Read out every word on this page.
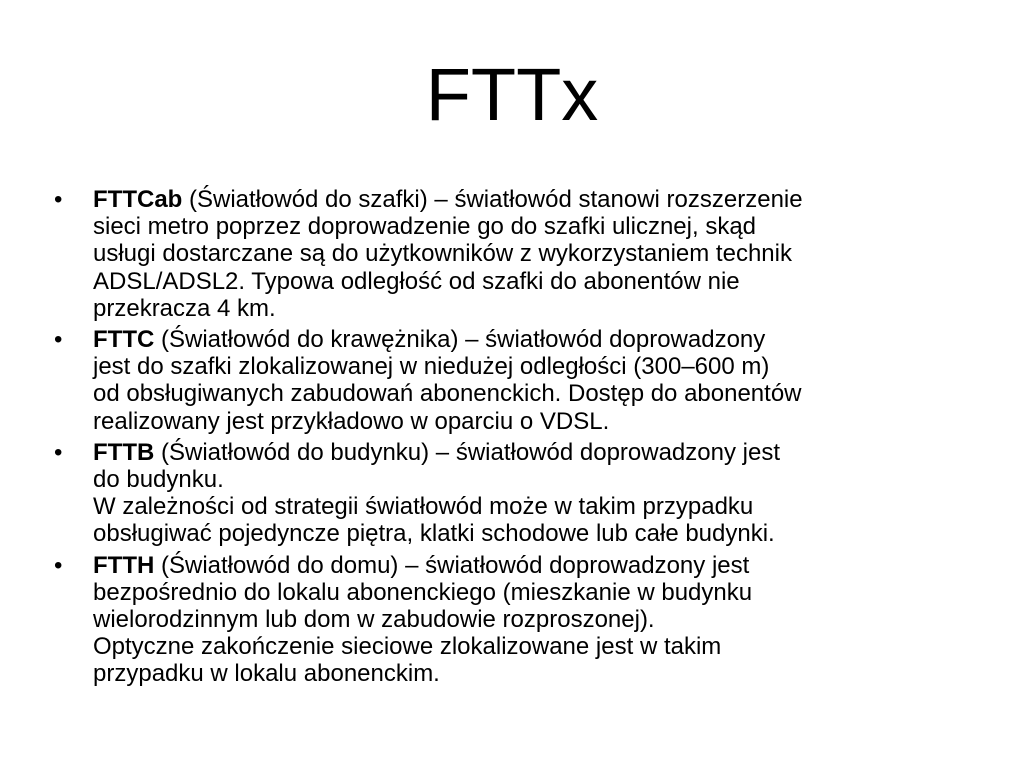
FTTx
•	FTTCab (Światłowód do szafki) – światłowód stanowi rozszerzenie
sieci metro poprzez doprowadzenie go do szafki ulicznej, skąd
usługi dostarczane są do użytkowników z wykorzystaniem technik
ADSL/ADSL2. Typowa odległość od szafki do abonentów nie
przekracza 4 km.
•	FTTC (Światłowód do krawężnika) – światłowód doprowadzony
jest do szafki zlokalizowanej w niedużej odległości (300–600 m)
od obsługiwanych zabudowań abonenckich. Dostęp do abonentów
realizowany jest przykładowo w oparciu o VDSL.
•	FTTB (Światłowód do budynku) – światłowód doprowadzony jest
do budynku.
W zależności od strategii światłowód może w takim przypadku
obsługiwać pojedyncze piętra, klatki schodowe lub całe budynki.
•	FTTH (Światłowód do domu) – światłowód doprowadzony jest
bezpośrednio do lokalu abonenckiego (mieszkanie w budynku
wielorodzinnym lub dom w zabudowie rozproszonej).
Optyczne zakończenie sieciowe zlokalizowane jest w takim
przypadku w lokalu abonenckim.
